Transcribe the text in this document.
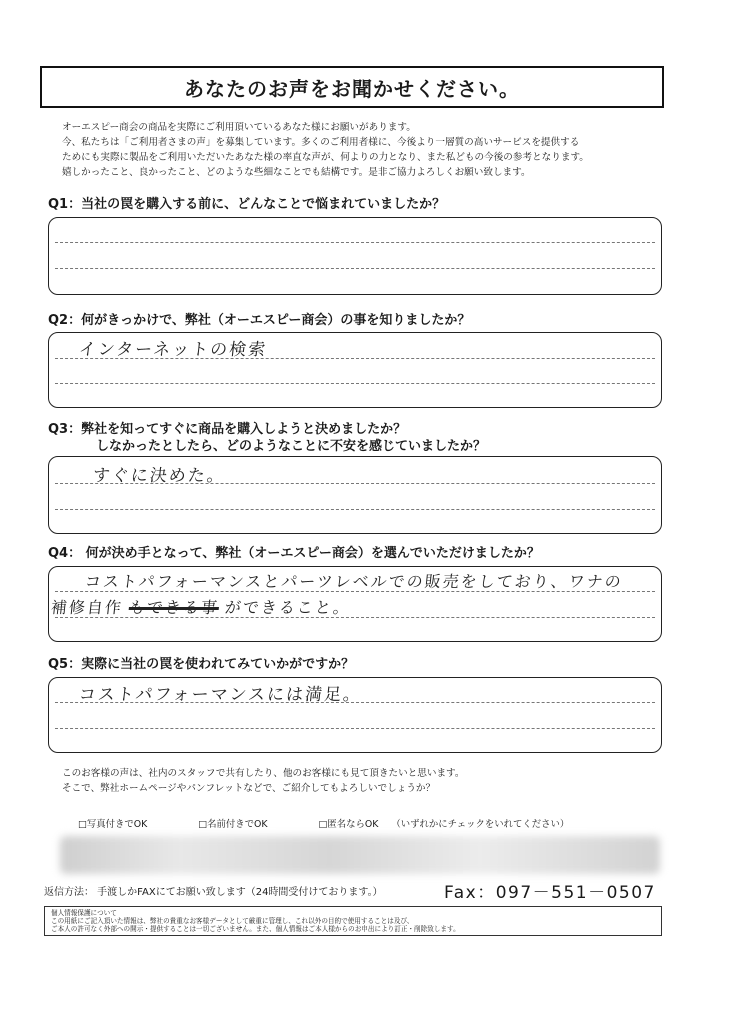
あなたのお声をお聞かせください。
オーエスピー商会の商品を実際にご利用頂いているあなた様にお願いがあります。
今、私たちは「ご利用者さまの声」を募集しています。多くのご利用者様に、今後より一層質の高いサービスを提供する
ためにも実際に製品をご利用いただいたあなた様の率直な声が、何よりの力となり、また私どもの今後の参考となります。
嬉しかったこと、良かったこと、どのような些細なことでも結構です。是非ご協力よろしくお願い致します。
Q1：当社の罠を購入する前に、どんなことで悩まれていましたか？
Q2：何がきっかけで、弊社（オーエスピー商会）の事を知りましたか？
インターネットの検索
Q3：弊社を知ってすぐに商品を購入しようと決めましたか？
しなかったとしたら、どのようなことに不安を感じていましたか？
すぐに決めた。
Q4： 何が決め手となって、弊社（オーエスピー商会）を選んでいただけましたか？
コストパフォーマンスとパーツレベルでの販売をしており、ワナの
補修自作 もできる事 ができること。
Q5：実際に当社の罠を使われてみていかがですか？
コストパフォーマンスには満足。
このお客様の声は、社内のスタッフで共有したり、他のお客様にも見て頂きたいと思います。
そこで、弊社ホームページやパンフレットなどで、ご紹介してもよろしいでしょうか？
□写真付きでOK	□名前付きでOK	□匿名ならOK （いずれかにチェックをいれてください）
返信方法： 手渡しかFAXにてお願い致します（24時間受付けております。）	Fax：097－551－0507
個人情報保護について
この用紙にご記入頂いた情報は、弊社の貴重なお客様データとして厳重に管理し、これ以外の目的で使用することは及び、
ご本人の許可なく外部への開示・提供することは一切ございません。また、個人情報はご本人様からのお申出により訂正・削除致します。
